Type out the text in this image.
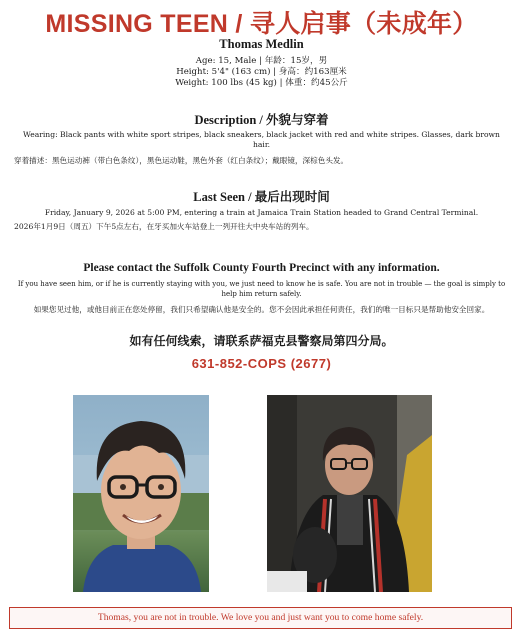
MISSING TEEN / 寻人启事（未成年）
Thomas Medlin
Age: 15, Male | 年龄：15岁，男
Height: 5'4" (163 cm) | 身高：约163厘米
Weight: 100 lbs (45 kg) | 体重：约45公斤
Description / 外貌与穿着
Wearing: Black pants with white sport stripes, black sneakers, black jacket with red and white stripes. Glasses, dark brown hair.
穿着描述：黑色运动裤（带白色条纹），黑色运动鞋，黑色外套（红白条纹）；戴眼镜，深棕色头发。
Last Seen / 最后出现时间
Friday, January 9, 2026 at 5:00 PM, entering a train at Jamaica Train Station headed to Grand Central Terminal.
2026年1月9日（周五）下午5点左右，在牙买加火车站登上一列开往大中央车站的列车。
Please contact the Suffolk County Fourth Precinct with any information.
If you have seen him, or if he is currently staying with you, we just need to know he is safe. You are not in trouble — the goal is simply to help him return safely.
如果您见过他，或他目前正在您处停留，我们只希望确认他是安全的。您不会因此承担任何责任，我们的唯一目标只是帮助他安全回家。
如有任何线索，请联系萨福克县警察局第四分局。
631-852-COPS (2677)
Thomas, you are not in trouble. We love you and just want you to come home safely.
